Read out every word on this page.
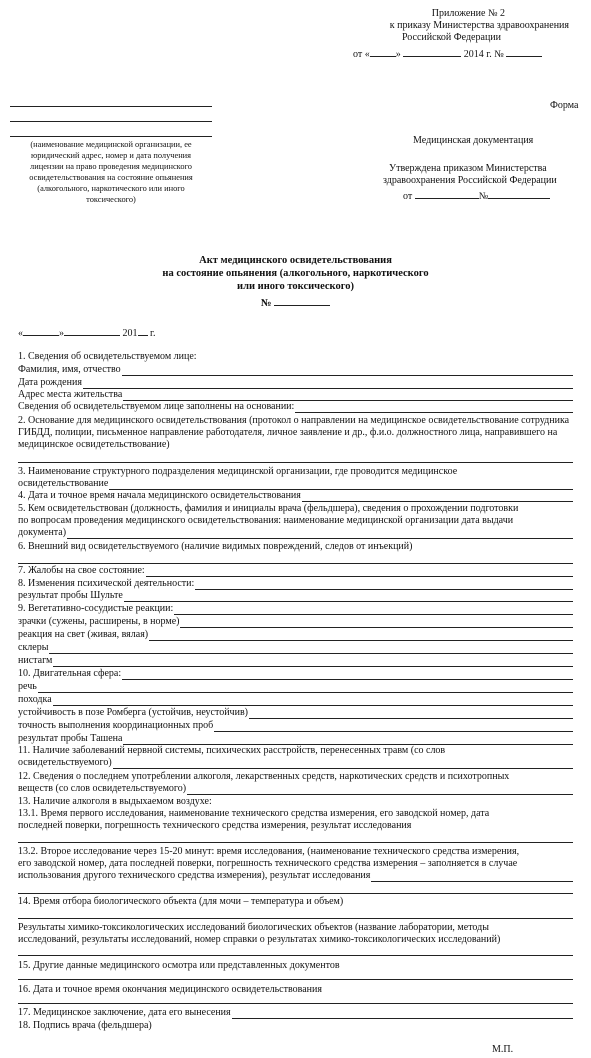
Приложение № 2
к приказу Министерства здравоохранения
Российской Федерации
от «	»	2014 г. №
(наименование медицинской организации, ее
юридический адрес, номер и дата получения
лицензии на право проведения медицинского
освидетельствования на состояние опьянения
(алкогольного, наркотического или иного
токсического)
Форма
Медицинская документация
Утверждена приказом Министерства
здравоохранения Российской Федерации
от	№
Акт медицинского освидетельствования
на состояние опьянения (алкогольного, наркотического
или иного токсического)
№
«	»	201 г.
1. Сведения об освидетельствуемом лице:
Фамилия, имя, отчество
Дата рождения
Адрес места жительства
Сведения об освидетельствуемом лице заполнены на основании:
2. Основание для медицинского освидетельствования (протокол о направлении на медицинское освидетельствование сотрудника ГИБДД, полиции, письменное направление работодателя, личное заявление и др., ф.и.о. должностного лица, направившего на медицинское освидетельствование)
3. Наименование структурного подразделения медицинской организации, где проводится медицинское
освидетельствование
4. Дата и точное время начала медицинского освидетельствования
5. Кем освидетельствован (должность, фамилия и инициалы врача (фельдшера), сведения о прохождении подготовки
по вопросам проведения медицинского освидетельствования: наименование медицинской организации дата выдачи
документа)
6. Внешний вид освидетельствуемого (наличие видимых повреждений, следов от инъекций)
7. Жалобы на свое состояние:
8. Изменения психической деятельности:
результат пробы Шульте
9. Вегетативно-сосудистые реакции:
зрачки (сужены, расширены, в норме)
реакция на свет (живая, вялая)
склеры
нистагм
10. Двигательная сфера:
речь
походка
устойчивость в позе Ромберга (устойчив, неустойчив)
точность выполнения координационных проб
результат пробы Ташена
11. Наличие заболеваний нервной системы, психических расстройств, перенесенных травм (со слов
освидетельствуемого)
12. Сведения о последнем употреблении алкоголя, лекарственных средств, наркотических средств и психотропных
веществ (со слов освидетельствуемого)
13. Наличие алкоголя в выдыхаемом воздухе:
13.1. Время первого исследования, наименование технического средства измерения, его заводской номер, дата
последней поверки, погрешность технического средства измерения, результат исследования
13.2. Второе исследование через 15-20 минут: время исследования, (наименование технического средства измерения,
его заводской номер, дата последней поверки, погрешность технического средства измерения – заполняется в случае
использования другого технического средства измерения), результат исследования
14. Время отбора биологического объекта (для мочи – температура и объем)
Результаты химико-токсикологических исследований биологических объектов (название лаборатории, методы
исследований, результаты исследований, номер справки о результатах химико-токсикологических исследований)
15. Другие данные медицинского осмотра или представленных документов
16. Дата и точное время окончания медицинского освидетельствования
17. Медицинское заключение, дата его вынесения
18. Подпись врача (фельдшера)
М.П.
